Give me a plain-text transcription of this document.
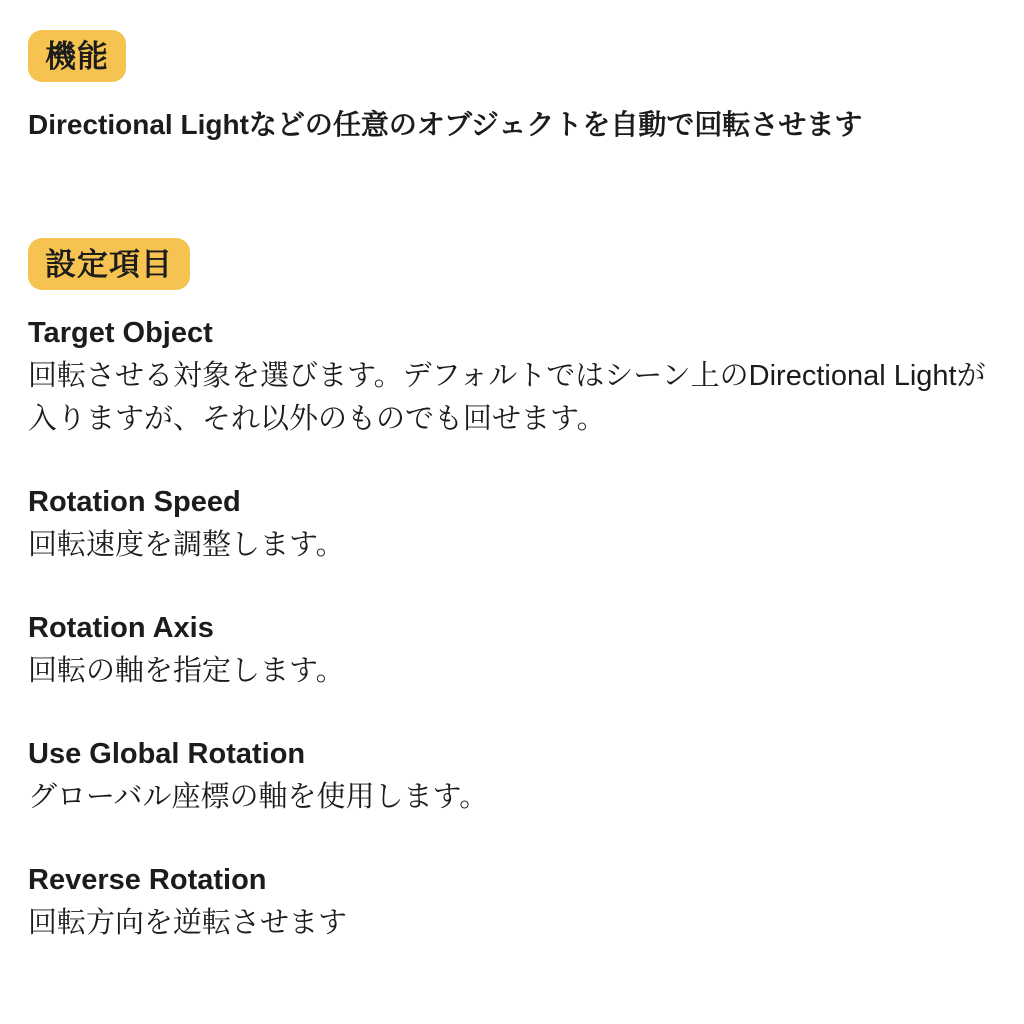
機能

Directional Lightなどの任意のオブジェクトを自動で回転させます

設定項目

Target Object

回転させる対象を選びます。デフォルトではシーン上のDirectional Lightが入りますが、それ以外のものでも回せます。

Rotation Speed

回転速度を調整します。

Rotation Axis

回転の軸を指定します。

Use Global Rotation

グローバル座標の軸を使用します。

Reverse Rotation

回転方向を逆転させます
